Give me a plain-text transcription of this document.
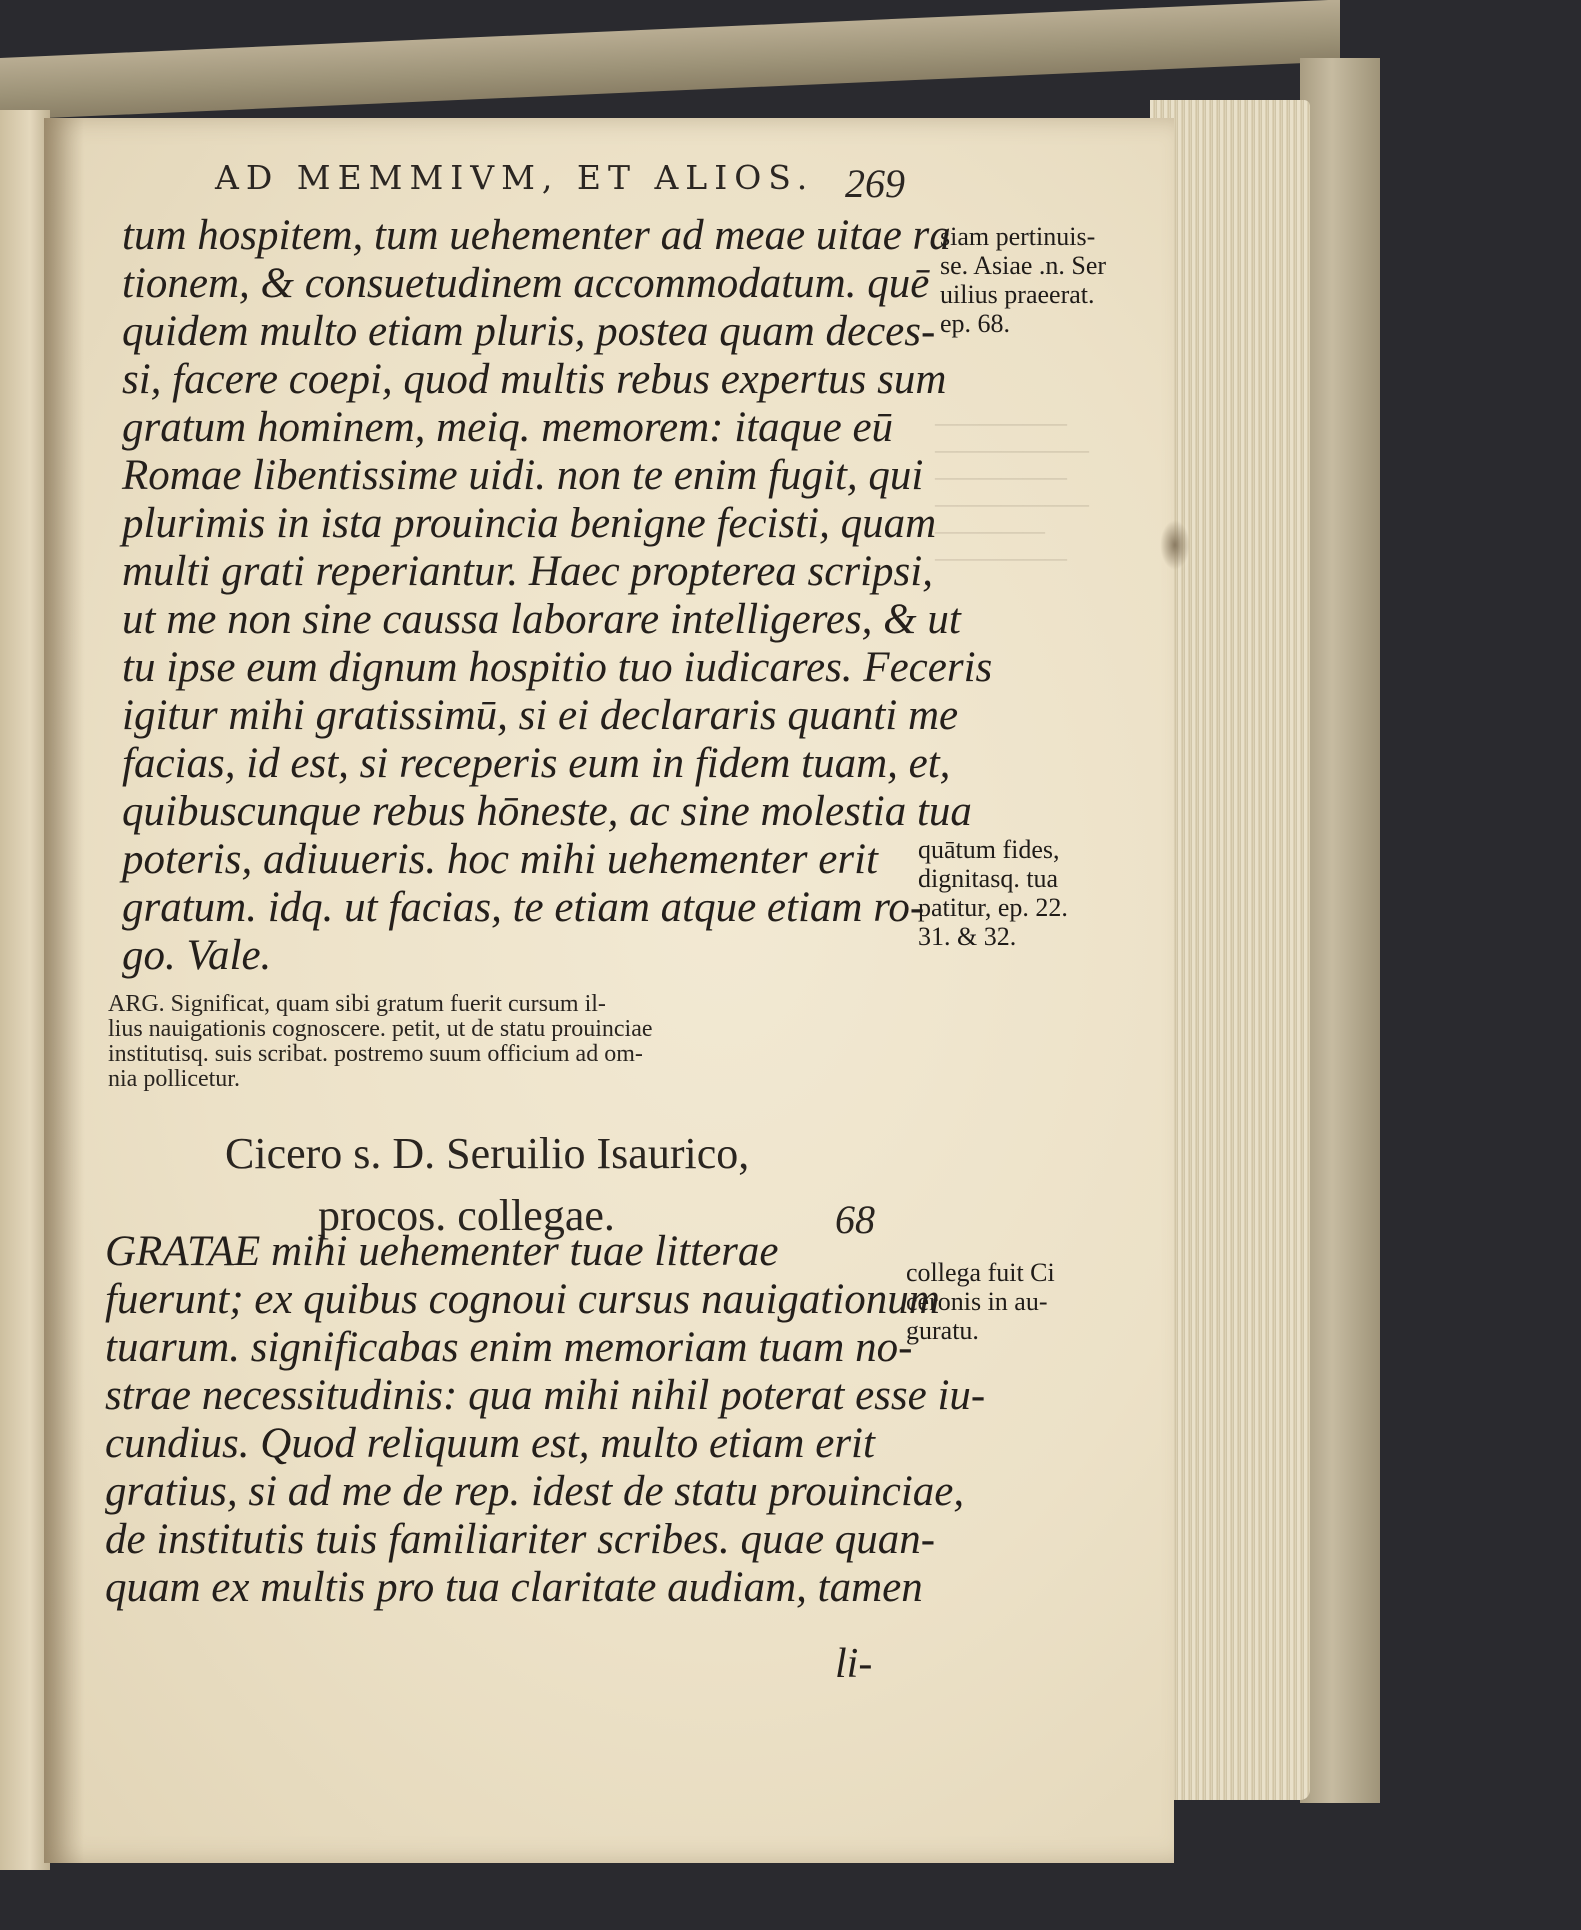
——————
———————
——————
———————
—————
——————
AD MEMMIVM, ET ALIOS. 269
tum hospitem, tum uehementer ad meae uitae ra
tionem, & consuetudinem accommodatum. quē
quidem multo etiam pluris, postea quam deces-
si, facere coepi, quod multis rebus expertus sum
gratum hominem, meiq. memorem: itaque eū
Romae libentissime uidi. non te enim fugit, qui
plurimis in ista prouincia benigne fecisti, quam
multi grati reperiantur. Haec propterea scripsi,
ut me non sine caussa laborare intelligeres, & ut
tu ipse eum dignum hospitio tuo iudicares. Feceris
igitur mihi gratissimū, si ei declararis quanti me
facias, id est, si receperis eum in fidem tuam, et,
quibuscunque rebus hōneste, ac sine molestia tua
poteris, adiuueris. hoc mihi uehementer erit
gratum. idq. ut facias, te etiam atque etiam ro-
go. Vale.
ARG. Significat, quam sibi gratum fuerit cursum il-
lius nauigationis cognoscere. petit, ut de statu prouinciae
institutisq. suis scribat. postremo suum officium ad om-
nia pollicetur.
Cicero s. D. Seruilio Isaurico,
procos. collegae.	68
GRATAE mihi uehementer tuae litterae
fuerunt; ex quibus cognoui cursus nauigationum
tuarum. significabas enim memoriam tuam no-
strae necessitudinis: qua mihi nihil poterat esse iu-
cundius. Quod reliquum est, multo etiam erit
gratius, si ad me de rep. idest de statu prouinciae,
de institutis tuis familiariter scribes. quae quan-
quam ex multis pro tua claritate audiam, tamen
li-
siam pertinuis-
se. Asiae .n. Ser
uilius praeerat.
ep. 68.
quātum fides,
dignitasq. tua
patitur, ep. 22.
31. & 32.
collega fuit Ci
ceronis in au-
guratu.
